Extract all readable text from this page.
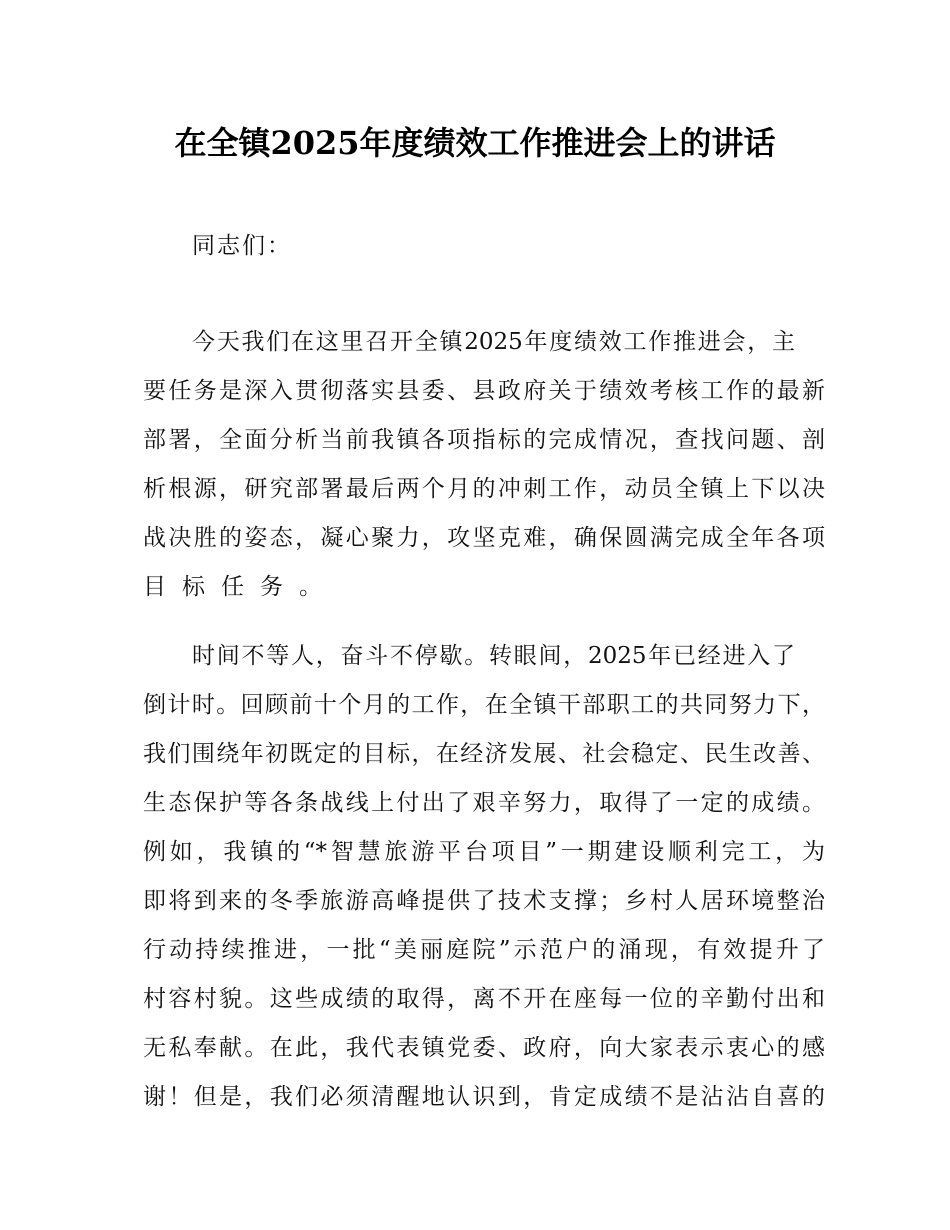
在全镇2025年度绩效工作推进会上的讲话
同志们：
今天我们在这里召开全镇2025年度绩效工作推进会，主
要任务是深入贯彻落实县委、县政府关于绩效考核工作的最新
部署，全面分析当前我镇各项指标的完成情况，查找问题、剖
析根源，研究部署最后两个月的冲刺工作，动员全镇上下以决
战决胜的姿态，凝心聚力，攻坚克难，确保圆满完成全年各项
目标任务。
时间不等人，奋斗不停歇。转眼间，2025年已经进入了
倒计时。回顾前十个月的工作，在全镇干部职工的共同努力下，
我们围绕年初既定的目标，在经济发展、社会稳定、民生改善、
生态保护等各条战线上付出了艰辛努力，取得了一定的成绩。
例如，我镇的“*智慧旅游平台项目”一期建设顺利完工，为
即将到来的冬季旅游高峰提供了技术支撑；乡村人居环境整治
行动持续推进，一批“美丽庭院”示范户的涌现，有效提升了
村容村貌。这些成绩的取得，离不开在座每一位的辛勤付出和
无私奉献。在此，我代表镇党委、政府，向大家表示衷心的感
谢！但是，我们必须清醒地认识到，肯定成绩不是沾沾自喜的
